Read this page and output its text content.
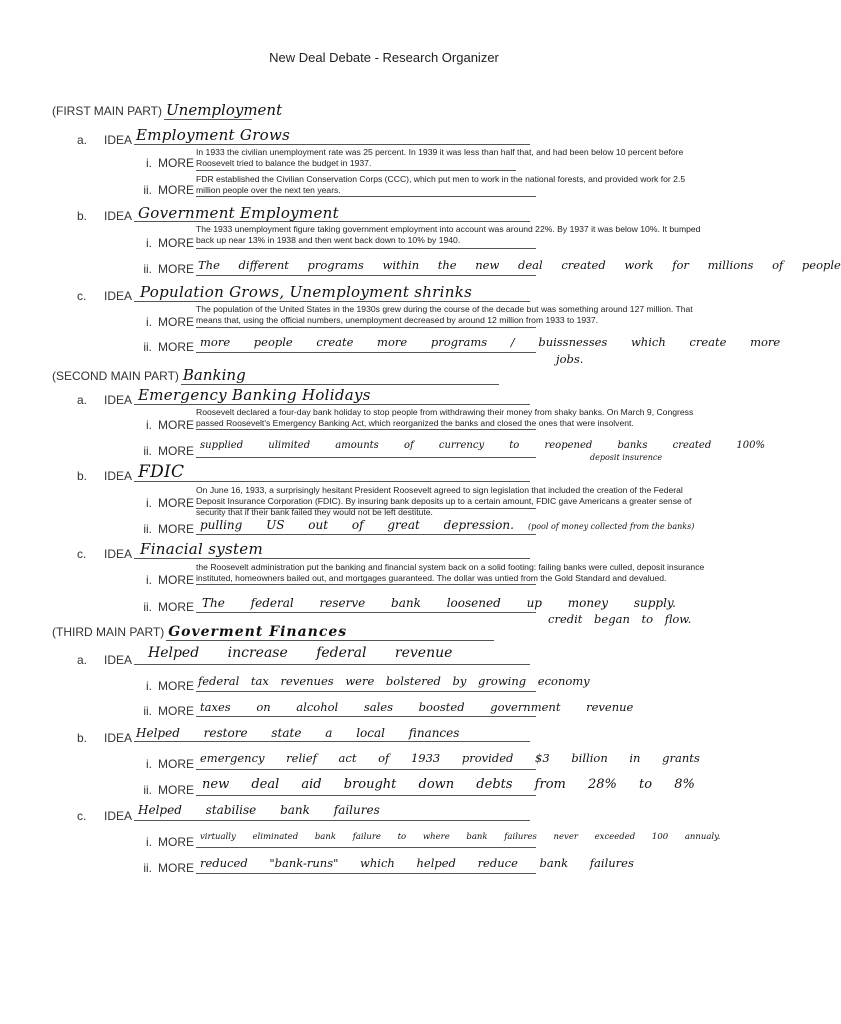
New Deal Debate - Research Organizer
(FIRST MAIN PART) Unemployment
a. IDEA Employment Grows
In 1933 the civilian unemployment rate was 25 percent. In 1939 it was less than half that, and had been below 10 percent before Roosevelt tried to balance the budget in 1937.
i. MORE
FDR established the Civilian Conservation Corps (CCC), which put men to work in the national forests, and provided work for 2.5 million people over the next ten years.
ii. MORE
b. IDEA Government Employment
The 1933 unemployment figure taking government employment into account was around 22%. By 1937 it was below 10%. It bumped back up near 13% in 1938 and then went back down to 10% by 1940.
i. MORE
ii. MORE The different programs within the new deal created work for millions of people
c. IDEA Population Grows, Unemployment shrinks
The population of the United States in the 1930s grew during the course of the decade but was something around 127 million. That means that, using the official numbers, unemployment decreased by around 12 million from 1933 to 1937.
i. MORE
ii. MORE more people create more programs / buissnesses which create more
jobs.
(SECOND MAIN PART) Banking
a. IDEA Emergency Banking Holidays
Roosevelt declared a four-day bank holiday to stop people from withdrawing their money from shaky banks. On March 9, Congress passed Roosevelt's Emergency Banking Act, which reorganized the banks and closed the ones that were insolvent.
i. MORE
ii. MORE supplied ulimited amounts of currency to reopened banks created 100%
deposit insurence
b. IDEA FDIC
On June 16, 1933, a surprisingly hesitant President Roosevelt agreed to sign legislation that included the creation of the Federal Deposit Insurance Corporation (FDIC). By insuring bank deposits up to a certain amount, FDIC gave Americans a greater sense of security that if their bank failed they would not be left destitute.
i. MORE
ii. MORE pulling US out of great depression. (pool of money collected from the banks)
c. IDEA Finacial system
the Roosevelt administration put the banking and financial system back on a solid footing: failing banks were culled, deposit insurance instituted, homeowners bailed out, and mortgages guaranteed. The dollar was untied from the Gold Standard and devalued.
i. MORE
ii. MORE The federal reserve bank loosened up money supply.
credit began to flow.
(THIRD MAIN PART) Goverment Finances
a. IDEA Helped increase federal revenue
i. MORE federal tax revenues were bolstered by growing economy
ii. MORE taxes on alcohol sales boosted government revenue
b. IDEA Helped restore state a local finances
i. MORE emergency relief act of 1933 provided $3 billion in grants
ii. MORE new deal aid brought down debts from 28% to 8%
c. IDEA Helped stabilise bank failures
i. MORE virtually eliminated bank failure to where bank failures never exceeded 100 annualy.
ii. MORE reduced "bank-runs" which helped reduce bank failures
